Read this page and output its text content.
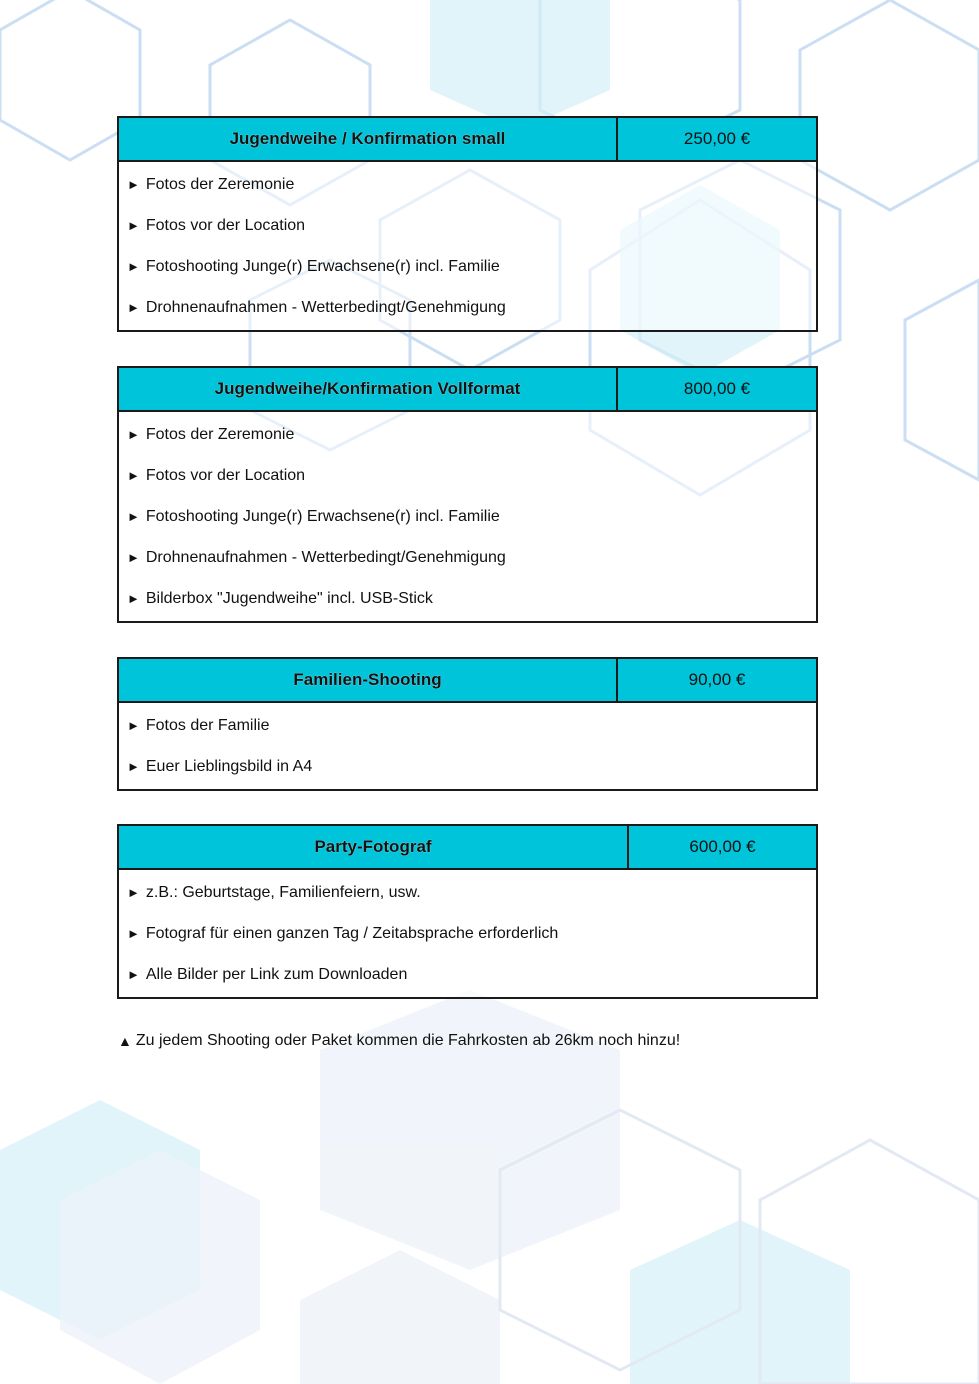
Jugendweihe / Konfirmation small	250,00 €
► Fotos der Zeremonie
► Fotos vor der Location
► Fotoshooting Junge(r) Erwachsene(r) incl. Familie
► Drohnenaufnahmen - Wetterbedingt/Genehmigung
Jugendweihe/Konfirmation Vollformat	800,00 €
► Fotos der Zeremonie
► Fotos vor der Location
► Fotoshooting Junge(r) Erwachsene(r) incl. Familie
► Drohnenaufnahmen - Wetterbedingt/Genehmigung
► Bilderbox "Jugendweihe" incl. USB-Stick
Familien-Shooting	90,00 €
► Fotos der Familie
► Euer Lieblingsbild in A4
Party-Fotograf	600,00 €
► z.B.: Geburtstage, Familienfeiern, usw.
► Fotograf für einen ganzen Tag / Zeitabsprache erforderlich
► Alle Bilder per Link zum Downloaden
▲ Zu jedem Shooting oder Paket kommen die Fahrkosten ab 26km noch hinzu!
